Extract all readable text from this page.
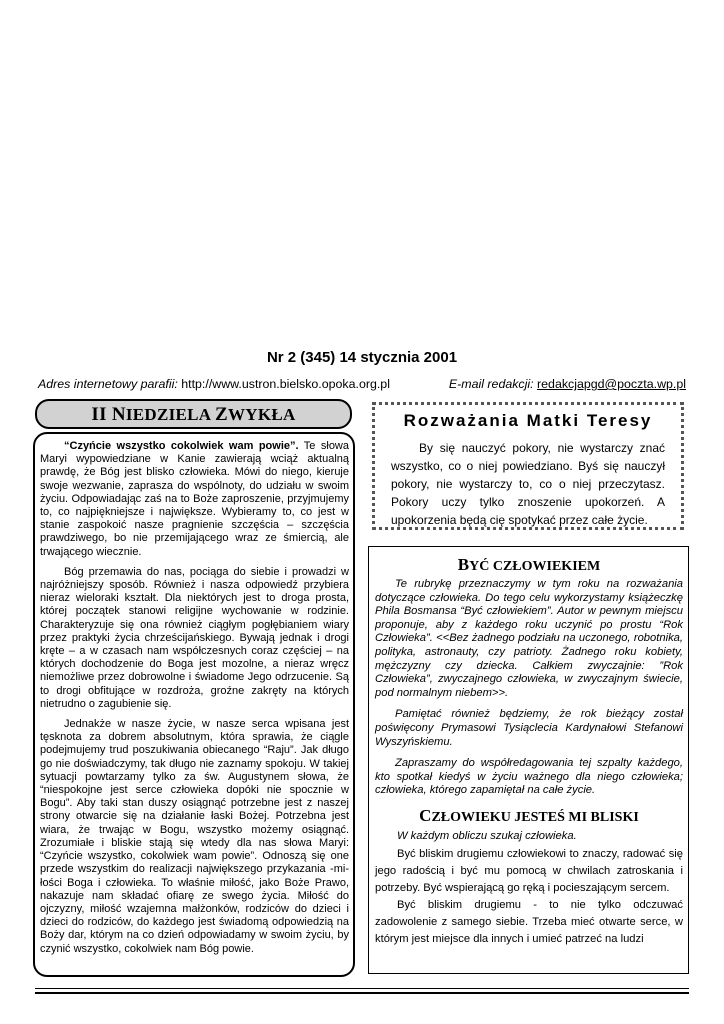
Nr 2 (345) 14 stycznia 2001
Adres internetowy parafii: http://www.ustron.bielsko.opoka.org.pl	E-mail redakcji: redakcjapgd@poczta.wp.pl
II NIEDZIELA ZWYKŁA

“Czyńcie wszystko cokolwiek wam powie”. Te słowa Maryi wypowiedziane w Kanie zawierają wciąż aktualną prawdę, że Bóg jest blisko człowieka. Mówi do niego, kieruje swoje wezwanie, zaprasza do wspólnoty, do udziału w swoim życiu. Odpowiadając zaś na to Boże zaproszenie, przyjmujemy to, co najpiękniejsze i największe. Wybieramy to, co jest w stanie zaspokoić nasze pragnienie szczęścia – szczęścia prawdziwego, bo nie przemijającego wraz ze śmiercią, ale trwającego wiecznie.

Bóg przemawia do nas, pociąga do siebie i prowadzi w najróżniejszy sposób. Również i nasza odpowiedź przybiera nieraz wieloraki kształt. Dla niektórych jest to droga prosta, której początek stanowi religijne wychowanie w rodzinie. Charakteryzuje się ona również ciągłym pogłębianiem wiary przez praktyki życia chrześcijańskiego. Bywają jednak i drogi kręte – a w czasach nam współczesnych coraz częściej – na których dochodzenie do Boga jest mozolne, a nieraz wręcz niemożliwe przez dobrowolne i świadome Jego odrzucenie. Są to drogi obfitujące w rozdroża, groźne zakręty na których nietrudno o zagubienie się.

Jednakże w nasze życie, w nasze serca wpisana jest tęsknota za dobrem absolutnym, która sprawia, że ciągle podejmujemy trud poszukiwania obiecanego “Raju”. Jak długo go nie doświadczymy, tak długo nie zaznamy spokoju. W takiej sytuacji powtarzamy tylko za św. Augustynem słowa, że “niespokojne jest serce człowieka dopóki nie spocznie w Bogu”. Aby taki stan duszy osiągnąć potrzebne jest z naszej strony otwarcie się na działanie łaski Bożej. Potrzebna jest wiara, że trwając w Bogu, wszystko możemy osiągnąć. Zrozumiałe i bliskie stają się wtedy dla nas słowa Maryi: “Czyńcie wszystko, cokolwiek wam powie”. Odnoszą się one przede wszystkim do realizacji największego przykazania -mi-łości Boga i człowieka. To właśnie miłość, jako Boże Prawo, nakazuje nam składać ofiarę ze swego życia. Miłość do ojczyzny, miłość wzajemna małżonków, rodziców do dzieci i dzieci do rodziców, do każdego jest świadomą odpowiedzią na Boży dar, którym na co dzień odpowiadamy w swoim życiu, by czynić wszystko, cokolwiek nam Bóg powie.

Rozważania Matki Teresy

By się nauczyć pokory, nie wystarczy znać wszystko, co o niej powiedziano. Byś się nauczył pokory, nie wystarczy to, co o niej przeczytasz. Pokory uczy tylko znoszenie upokorzeń. A upokorzenia będą cię spotykać przez całe życie.

BYĆ CZŁOWIEKIEM

Te rubrykę przeznaczymy w tym roku na rozważania dotyczące człowieka. Do tego celu wykorzystamy książeczkę Phila Bosmansa “Być człowiekiem”. Autor w pewnym miejscu proponuje, aby z każdego roku uczynić po prostu “Rok Człowieka”. <<Bez żadnego podziału na uczonego, robotnika, polityka, astronauty, czy patrioty. Żadnego roku kobiety, mężczyzny czy dziecka. Całkiem zwyczajnie: ”Rok Człowieka”, zwyczajnego człowieka, w zwyczajnym świecie, pod normalnym niebem>>.

Pamiętać również będziemy, że rok bieżący został poświęcony Prymasowi Tysiąclecia Kardynałowi Stefanowi Wyszyńskiemu.

Zapraszamy do współredagowania tej szpalty każdego, kto spotkał kiedyś w życiu ważnego dla niego człowieka; człowieka, którego zapamiętał na całe życie.

CZŁOWIEKU JESTEŚ MI BLISKI

W każdym obliczu szukaj człowieka.

Być bliskim drugiemu człowiekowi to znaczy, radować się jego radością i być mu pomocą w chwilach zatroskania i potrzeby. Być wspierającą go ręką i pocieszającym sercem.

Być bliskim drugiemu - to nie tylko odczuwać zadowolenie z samego siebie. Trzeba mieć otwarte serce, w którym jest miejsce dla innych i umieć patrzeć na ludzi
